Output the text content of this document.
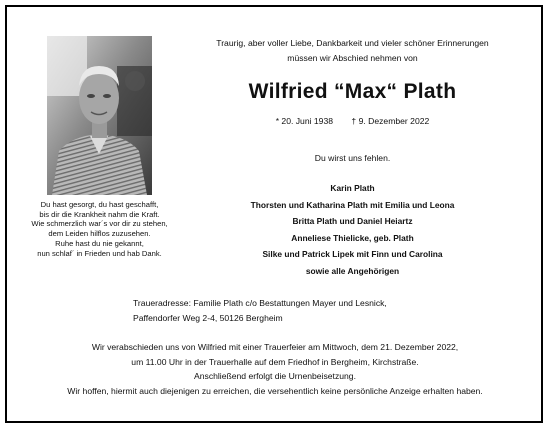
Du hast gesorgt, du hast geschafft,
bis dir die Krankheit nahm die Kraft.
Wie schmerzlich war´s vor dir zu stehen,
dem Leiden hilflos zuzusehen.
Ruhe hast du nie gekannt,
nun schlaf´ in Frieden und hab Dank.
Traurig, aber voller Liebe, Dankbarkeit und vieler schöner Erinnerungen
müssen wir Abschied nehmen von
Wilfried “Max“ Plath
* 20. Juni 1938 † 9. Dezember 2022
Du wirst uns fehlen.
Karin Plath
Thorsten und Katharina Plath mit Emilia und Leona
Britta Plath und Daniel Heiartz
Anneliese Thielicke, geb. Plath
Silke und Patrick Lipek mit Finn und Carolina
sowie alle Angehörigen
Traueradresse: Familie Plath c/o Bestattungen Mayer und Lesnick,
Paffendorfer Weg 2-4, 50126 Bergheim
Wir verabschieden uns von Wilfried mit einer Trauerfeier am Mittwoch, dem 21. Dezember 2022,
um 11.00 Uhr in der Trauerhalle auf dem Friedhof in Bergheim, Kirchstraße.
Anschließend erfolgt die Urnenbeisetzung.
Wir hoffen, hiermit auch diejenigen zu erreichen, die versehentlich keine persönliche Anzeige erhalten haben.
